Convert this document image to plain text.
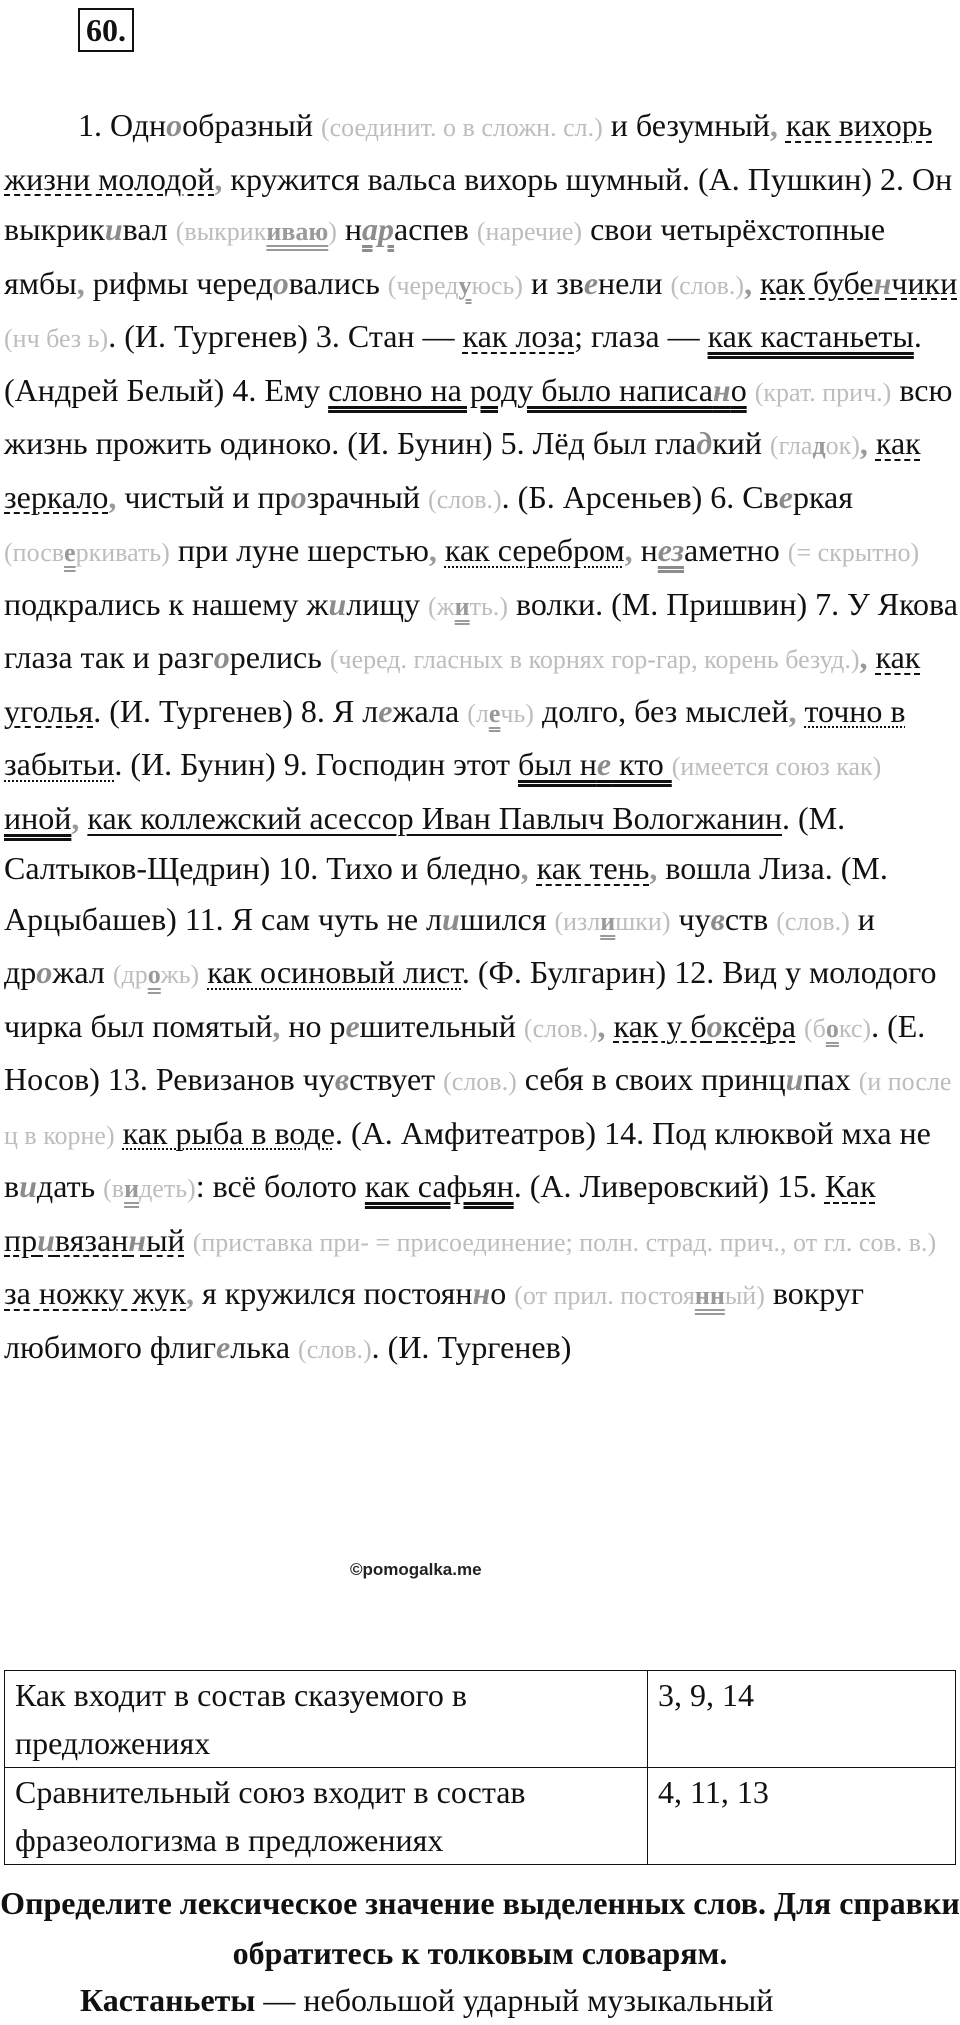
60.

1. Однообразный (соединит. о в сложн. сл.) и безумный, как вихорь жизни молодой, кружится вальса вихорь шумный. (А. Пушкин) 2. Он выкрикивал (выкрикиваю) нараспев (наречие) свои четырёхстопные ямбы, рифмы чередовались (чередуюсь) и звенели (слов.), как бубенчики (нч без ь). (И. Тургенев) 3. Стан — как лоза; глаза — как кастаньеты. (Андрей Белый) 4. Ему словно на роду было написано (крат. прич.) всю жизнь прожить одиноко. (И. Бунин) 5. Лёд был гладкий (гладок), как зеркало, чистый и прозрачный (слов.). (Б. Арсеньев) 6. Сверкая (посверкивать) при луне шерстью, как серебром, незаметно (= скрытно) подкрались к нашему жилищу (жить.) волки. (М. Пришвин) 7. У Якова глаза так и разгорелись (черед. гласных в корнях гор-гар, корень безуд.), как уголья. (И. Тургенев) 8. Я лежала (лечь) долго, без мыслей, точно в забытьи. (И. Бунин) 9. Господин этот был не кто (имеется союз как) иной, как коллежский асессор Иван Павлыч Вологжанин. (М. Салтыков-Щедрин) 10. Тихо и бледно, как тень, вошла Лиза. (М. Арцыбашев) 11. Я сам чуть не лишился (излишки) чувств (слов.) и дрожал (дрожь) как осиновый лист. (Ф. Булгарин) 12. Вид у молодого чирка был помятый, но решительный (слов.), как у боксёра (бокс). (Е. Носов) 13. Ревизанов чувствует (слов.) себя в своих принципах (и после ц в корне) как рыба в воде. (А. Амфитеатров) 14. Под клюквой мха не видать (видеть): всё болото как сафьян. (А. Ливеровский) 15. Как привязанный (приставка при- = присоединение; полн. страд. прич., от гл. сов. в.) за ножку жук, я кружился постоянно (от прил. постоянный) вокруг любимого флигелька (слов.). (И. Тургенев)

©pomogalka.me
Как входит в состав сказуемого в предложениях	3, 9, 14
Сравнительный союз входит в состав фразеологизма в предложениях	4, 11, 13

Определите лексическое значение выделенных слов. Для справки обратитесь к толковым словарям.

Кастаньеты — небольшой ударный музыкальный
